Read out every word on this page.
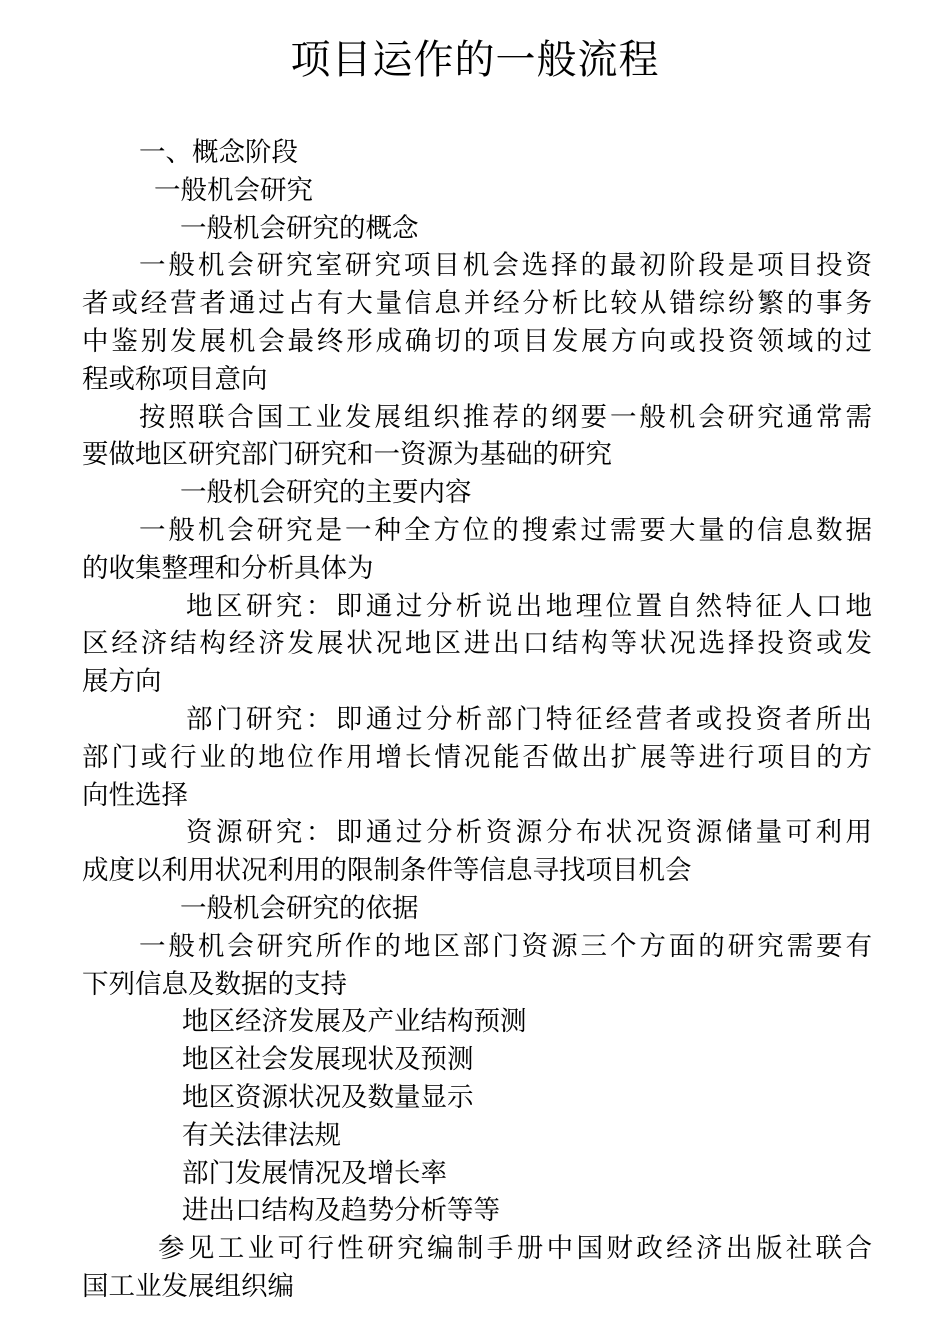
项目运作的一般流程
一、概念阶段
一般机会研究
一般机会研究的概念
一般机会研究室研究项目机会选择的最初阶段是项目投资
者或经营者通过占有大量信息并经分析比较从错综纷繁的事务
中鉴别发展机会最终形成确切的项目发展方向或投资领域的过
程或称项目意向
按照联合国工业发展组织推荐的纲要一般机会研究通常需
要做地区研究部门研究和一资源为基础的研究
一般机会研究的主要内容
一般机会研究是一种全方位的搜索过需要大量的信息数据
的收集整理和分析具体为
地区研究：即通过分析说出地理位置自然特征人口地
区经济结构经济发展状况地区进出口结构等状况选择投资或发
展方向
部门研究：即通过分析部门特征经营者或投资者所出
部门或行业的地位作用增长情况能否做出扩展等进行项目的方
向性选择
资源研究：即通过分析资源分布状况资源储量可利用
成度以利用状况利用的限制条件等信息寻找项目机会
一般机会研究的依据
一般机会研究所作的地区部门资源三个方面的研究需要有
下列信息及数据的支持
地区经济发展及产业结构预测
地区社会发展现状及预测
地区资源状况及数量显示
有关法律法规
部门发展情况及增长率
进出口结构及趋势分析等等
参见工业可行性研究编制手册中国财政经济出版社联合
国工业发展组织编
